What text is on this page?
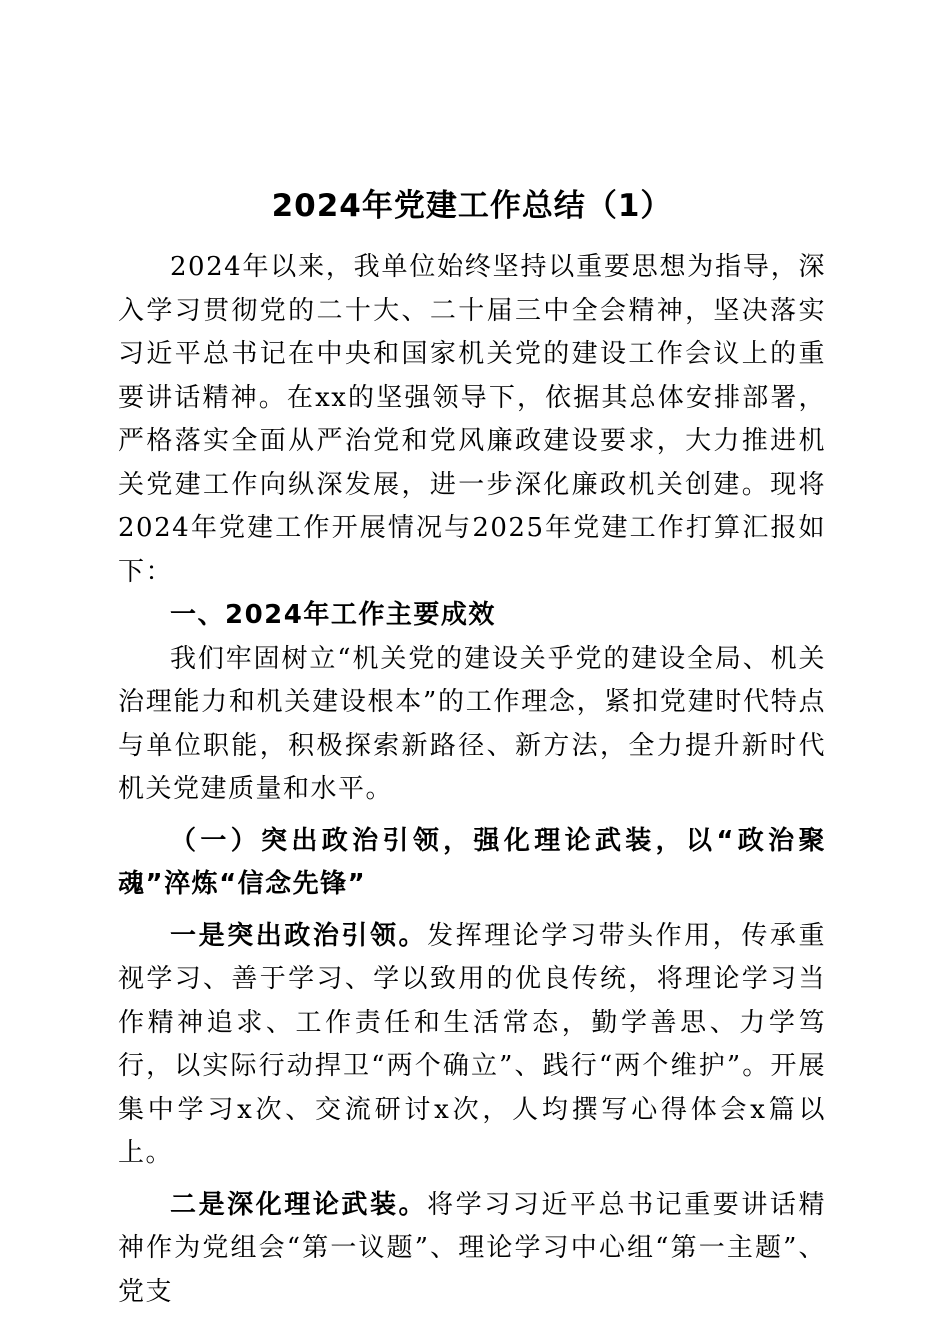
2024年党建工作总结（1）

2024年以来，我单位始终坚持以重要思想为指导，深入学习贯彻党的二十大、二十届三中全会精神，坚决落实习近平总书记在中央和国家机关党的建设工作会议上的重要讲话精神。在xx的坚强领导下，依据其总体安排部署，严格落实全面从严治党和党风廉政建设要求，大力推进机关党建工作向纵深发展，进一步深化廉政机关创建。现将2024年党建工作开展情况与2025年党建工作打算汇报如下：

一、2024年工作主要成效

我们牢固树立“机关党的建设关乎党的建设全局、机关治理能力和机关建设根本”的工作理念，紧扣党建时代特点与单位职能，积极探索新路径、新方法，全力提升新时代机关党建质量和水平。

（一）突出政治引领，强化理论武装，以“政治聚魂”淬炼“信念先锋”

一是突出政治引领。发挥理论学习带头作用，传承重视学习、善于学习、学以致用的优良传统，将理论学习当作精神追求、工作责任和生活常态，勤学善思、力学笃行，以实际行动捍卫“两个确立”、践行“两个维护”。开展集中学习x次、交流研讨x次，人均撰写心得体会x篇以上。

二是深化理论武装。将学习习近平总书记重要讲话精神作为党组会“第一议题”、理论学习中心组“第一主题”、党支
